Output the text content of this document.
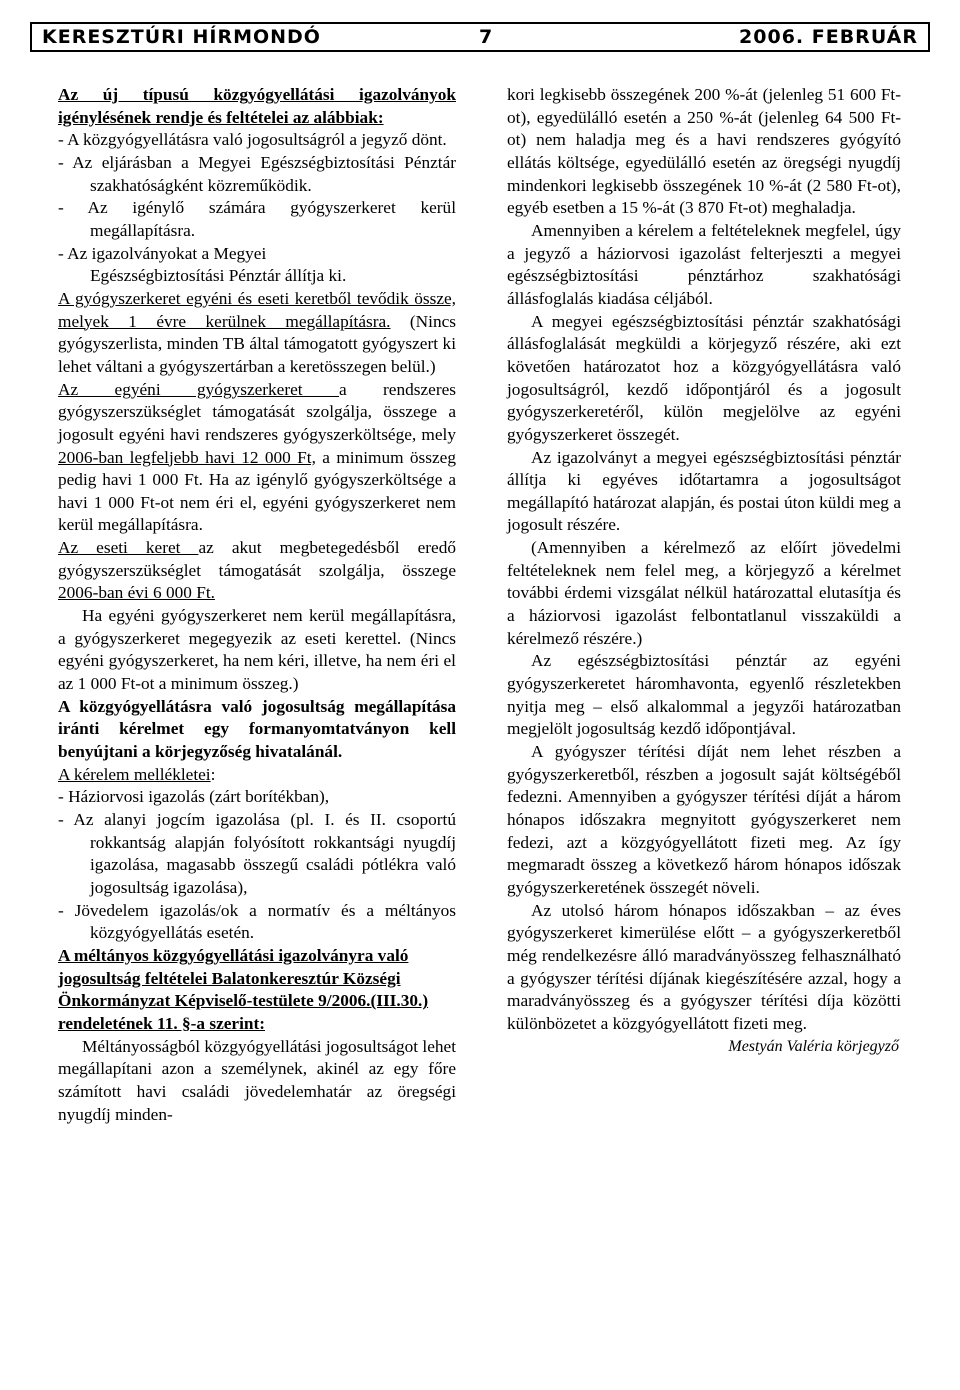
KERESZTÚRI HÍRMONDÓ	7	2006. FEBRUÁR

Az új típusú közgyógyellátási igazolványok igénylésének rendje és feltételei az alábbiak:

- A közgyógyellátásra való jogosultságról a jegyző dönt.

- Az eljárásban a Megyei Egészségbiztosítási Pénztár szakhatóságként közreműködik.

- Az igénylő számára gyógyszerkeret kerül megállapításra.

- Az igazolványokat a Megyei
Egészségbiztosítási Pénztár állítja ki.

A gyógyszerkeret egyéni és eseti keretből tevődik össze, melyek 1 évre kerülnek megállapításra. (Nincs gyógyszerlista, minden TB által támogatott gyógyszert ki lehet váltani a gyógyszertárban a keretösszegen belül.)

Az egyéni gyógyszerkeret a rendszeres gyógyszerszükséglet támogatását szolgálja, összege a jogosult egyéni havi rendszeres gyógyszerköltsége, mely 2006-ban legfeljebb havi 12 000 Ft, a minimum összeg pedig havi 1 000 Ft. Ha az igénylő gyógyszerköltsége a havi 1 000 Ft-ot nem éri el, egyéni gyógyszerkeret nem kerül megállapításra.

Az eseti keret az akut megbetegedésből eredő gyógyszerszükséglet támogatását szolgálja, összege 2006-ban évi 6 000 Ft.

Ha egyéni gyógyszerkeret nem kerül megállapításra, a gyógyszerkeret megegyezik az eseti kerettel. (Nincs egyéni gyógyszerkeret, ha nem kéri, illetve, ha nem éri el az 1 000 Ft-ot a minimum összeg.)

A közgyógyellátásra való jogosultság megállapítása iránti kérelmet egy formanyomtatványon kell benyújtani a körjegyzőség hivatalánál.

A kérelem mellékletei:

- Háziorvosi igazolás (zárt borítékban),

- Az alanyi jogcím igazolása (pl. I. és II. csoportú rokkantság alapján folyósított rokkantsági nyugdíj igazolása, magasabb összegű családi pótlékra való jogosultság igazolása),

- Jövedelem igazolás/ok a normatív és a méltányos közgyógyellátás esetén.

A méltányos közgyógyellátási igazolványra való jogosultság feltételei Balatonkeresztúr Községi Önkormányzat Képviselő-testülete 9/2006.(III.30.) rendeletének 11. §-a szerint:

Méltányosságból közgyógyellátási jogosultságot lehet megállapítani azon a személynek, akinél az egy főre számított havi családi jövedelemhatár az öregségi nyugdíj minden-

kori legkisebb összegének 200 %-át (jelenleg 51 600 Ft-ot), egyedülálló esetén a 250 %-át (jelenleg 64 500 Ft-ot) nem haladja meg és a havi rendszeres gyógyító ellátás költsége, egyedülálló esetén az öregségi nyugdíj mindenkori legkisebb összegének 10 %-át (2 580 Ft-ot), egyéb esetben a 15 %-át (3 870 Ft-ot) meghaladja.

Amennyiben a kérelem a feltételeknek megfelel, úgy a jegyző a háziorvosi igazolást felterjeszti a megyei egészségbiztosítási pénztárhoz szakhatósági állásfoglalás kiadása céljából.

A megyei egészségbiztosítási pénztár szakhatósági állásfoglalását megküldi a körjegyző részére, aki ezt követően határozatot hoz a közgyógyellátásra való jogosultságról, kezdő időpontjáról és a jogosult gyógyszerkeretéről, külön megjelölve az egyéni gyógyszerkeret összegét.

Az igazolványt a megyei egészségbiztosítási pénztár állítja ki egyéves időtartamra a jogosultságot megállapító határozat alapján, és postai úton küldi meg a jogosult részére.

(Amennyiben a kérelmező az előírt jövedelmi feltételeknek nem felel meg, a körjegyző a kérelmet további érdemi vizsgálat nélkül határozattal elutasítja és a háziorvosi igazolást felbontatlanul visszaküldi a kérelmező részére.)

Az egészségbiztosítási pénztár az egyéni gyógyszerkeretet háromhavonta, egyenlő részletekben nyitja meg – első alkalommal a jegyzői határozatban megjelölt jogosultság kezdő időpontjával.

A gyógyszer térítési díját nem lehet részben a gyógyszerkeretből, részben a jogosult saját költségéből fedezni. Amennyiben a gyógyszer térítési díját a három hónapos időszakra megnyitott gyógyszerkeret nem fedezi, azt a közgyógyellátott fizeti meg. Az így megmaradt összeg a következő három hónapos időszak gyógyszerkeretének összegét növeli.

Az utolsó három hónapos időszakban – az éves gyógyszerkeret kimerülése előtt – a gyógyszerkeretből még rendelkezésre álló maradványösszeg felhasználható a gyógyszer térítési díjának kiegészítésére azzal, hogy a maradványösszeg és a gyógyszer térítési díja közötti különbözetet a közgyógyellátott fizeti meg.

Mestyán Valéria körjegyző
